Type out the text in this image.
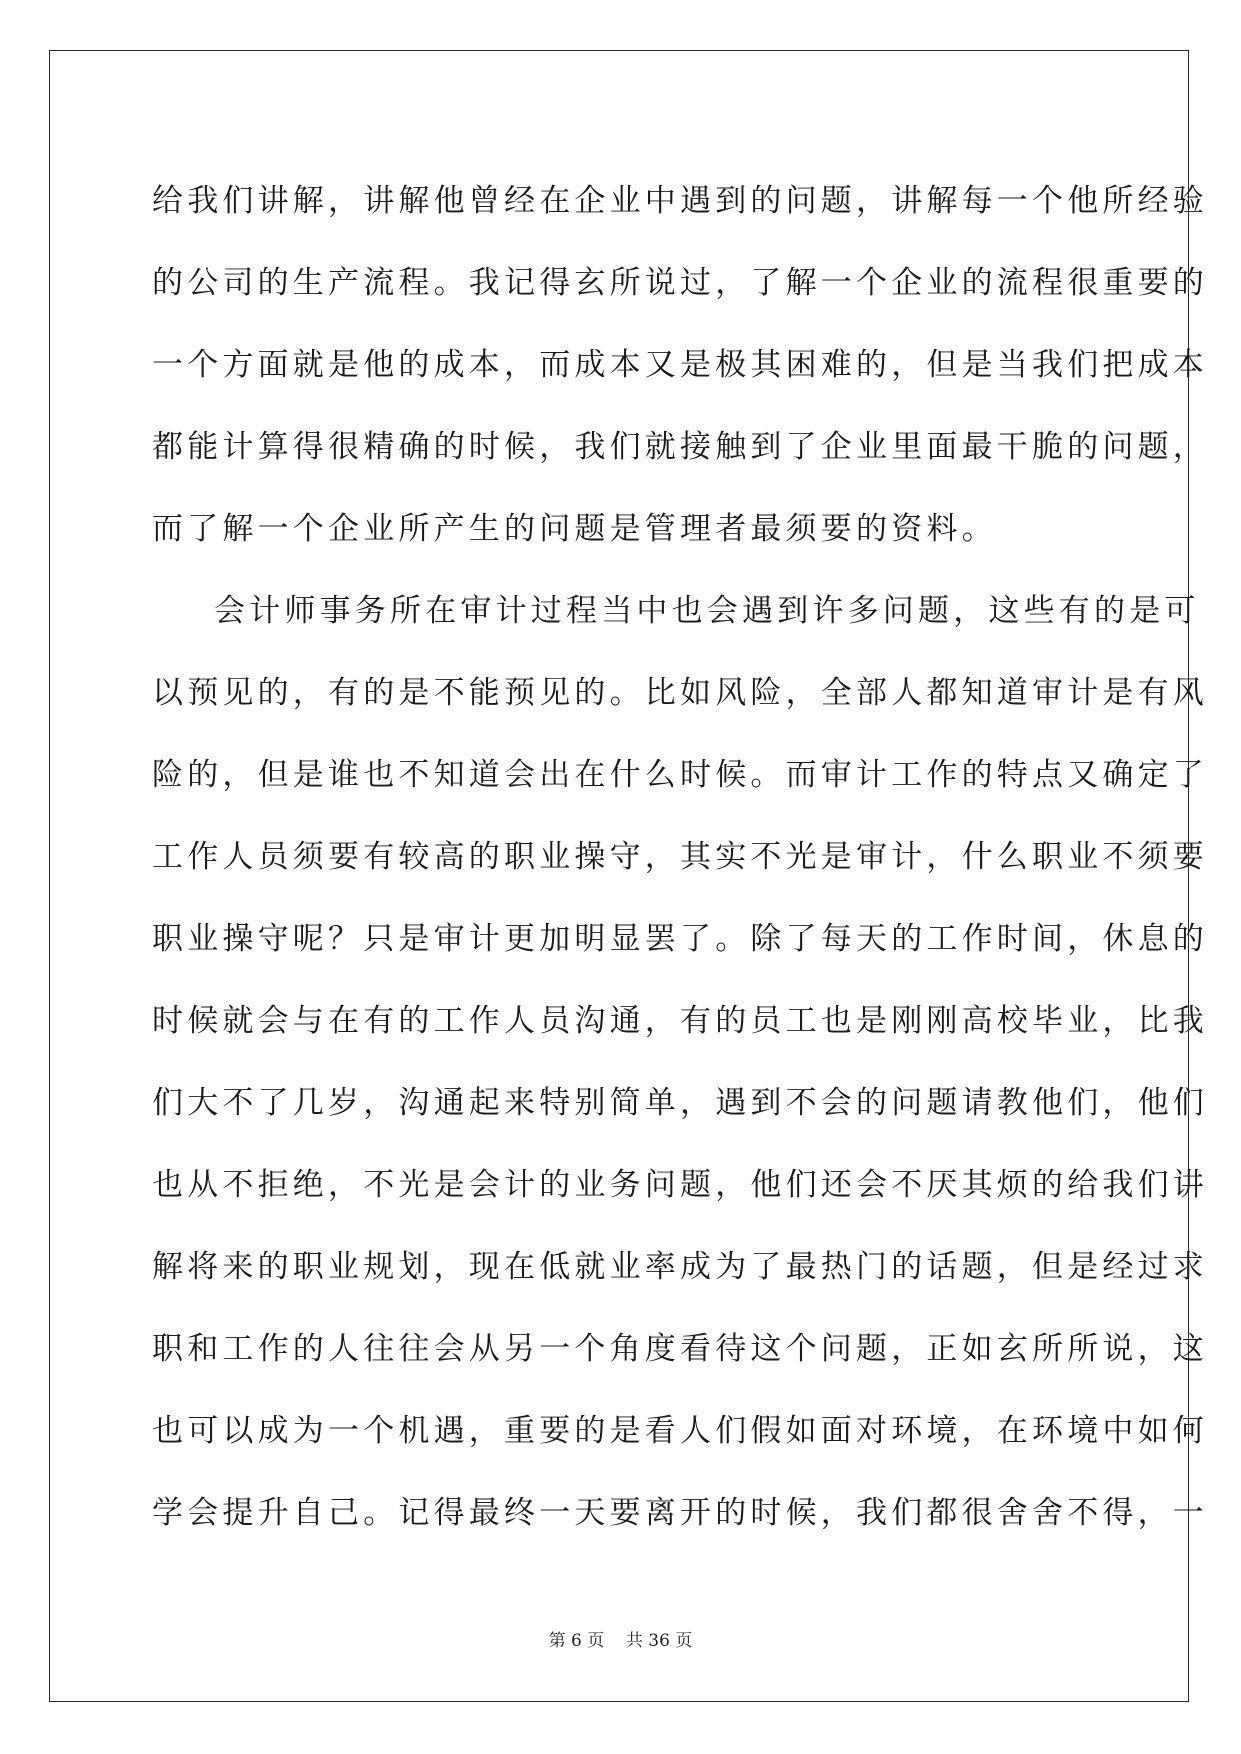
给我们讲解，讲解他曾经在企业中遇到的问题，讲解每一个他所经验
的公司的生产流程。我记得玄所说过，了解一个企业的流程很重要的
一个方面就是他的成本，而成本又是极其困难的，但是当我们把成本
都能计算得很精确的时候，我们就接触到了企业里面最干脆的问题，
而了解一个企业所产生的问题是管理者最须要的资料。
会计师事务所在审计过程当中也会遇到许多问题，这些有的是可
以预见的，有的是不能预见的。比如风险，全部人都知道审计是有风
险的，但是谁也不知道会出在什么时候。而审计工作的特点又确定了
工作人员须要有较高的职业操守，其实不光是审计，什么职业不须要
职业操守呢？只是审计更加明显罢了。除了每天的工作时间，休息的
时候就会与在有的工作人员沟通，有的员工也是刚刚高校毕业，比我
们大不了几岁，沟通起来特别简单，遇到不会的问题请教他们，他们
也从不拒绝，不光是会计的业务问题，他们还会不厌其烦的给我们讲
解将来的职业规划，现在低就业率成为了最热门的话题，但是经过求
职和工作的人往往会从另一个角度看待这个问题，正如玄所所说，这
也可以成为一个机遇，重要的是看人们假如面对环境，在环境中如何
学会提升自己。记得最终一天要离开的时候，我们都很舍舍不得，一
第 6 页    共 36 页
